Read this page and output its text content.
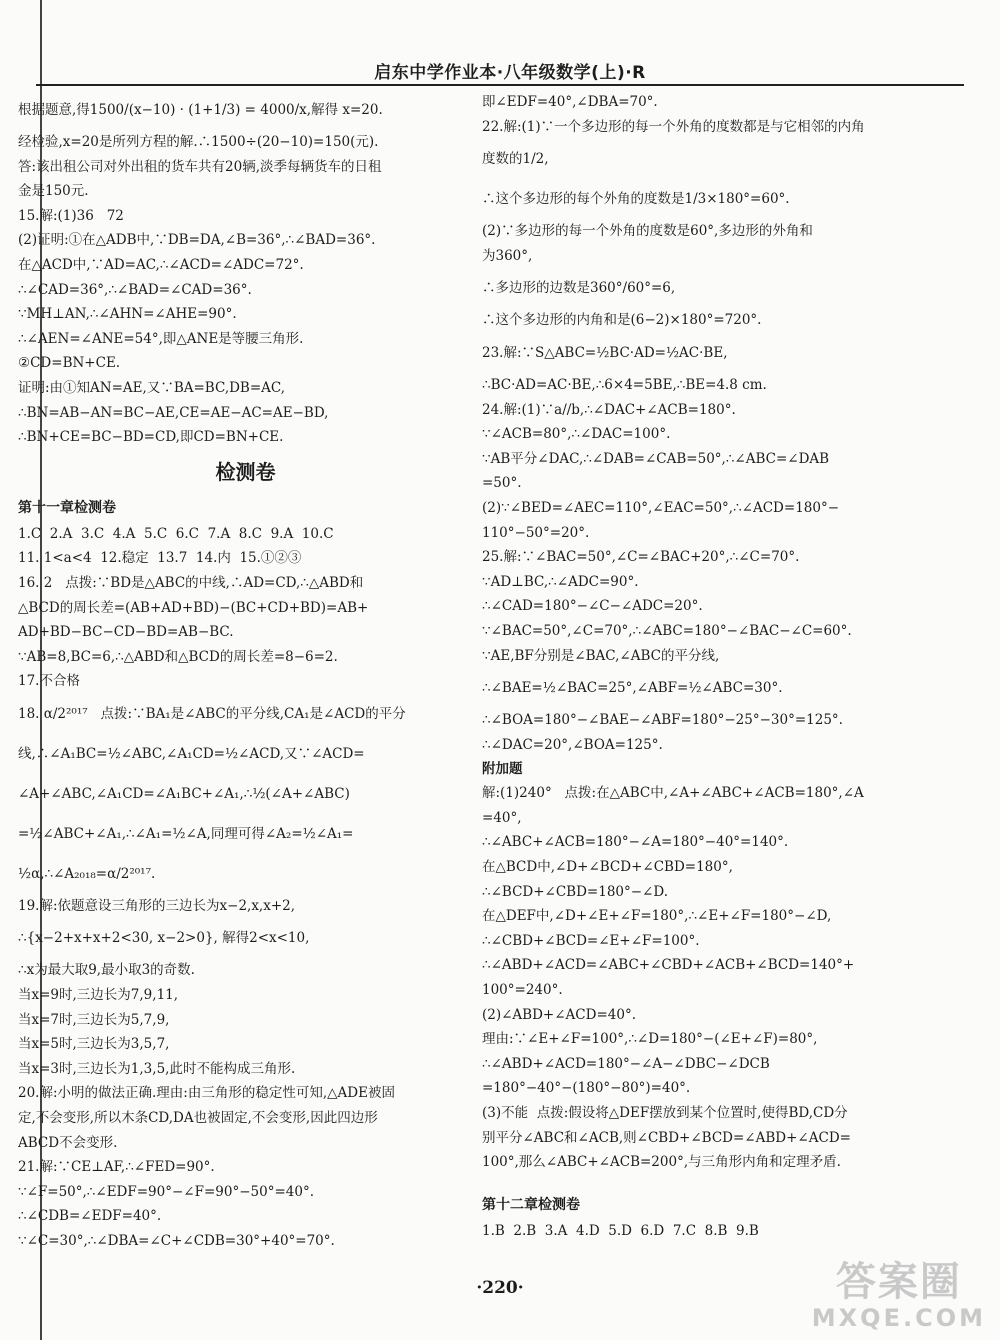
启东中学作业本·八年级数学(上)·R

根据题意,得1500/(x−10) · (1+1/3) = 4000/x,解得 x=20.

经检验,x=20是所列方程的解.∴1500÷(20−10)=150(元).

答:该出租公司对外出租的货车共有20辆,淡季每辆货车的日租

金是150元.

15.解:(1)36   72

(2)证明:①在△ADB中,∵DB=DA,∠B=36°,∴∠BAD=36°.

在△ACD中,∵AD=AC,∴∠ACD=∠ADC=72°.

∴∠CAD=36°,∴∠BAD=∠CAD=36°.

∵MH⊥AN,∴∠AHN=∠AHE=90°.

∴∠AEN=∠ANE=54°,即△ANE是等腰三角形.

②CD=BN+CE.

证明:由①知AN=AE,又∵BA=BC,DB=AC,

∴BN=AB−AN=BC−AE,CE=AE−AC=AE−BD,

∴BN+CE=BC−BD=CD,即CD=BN+CE.

检测卷

第十一章检测卷

1.C  2.A  3.C  4.A  5.C  6.C  7.A  8.C  9.A  10.C

11. 1<a<4  12.稳定  13.7  14.内  15.①②③

16. 2   点拨:∵BD是△ABC的中线,∴AD=CD,∴△ABD和

△BCD的周长差=(AB+AD+BD)−(BC+CD+BD)=AB+

AD+BD−BC−CD−BD=AB−BC.

∵AB=8,BC=6,∴△ABD和△BCD的周长差=8−6=2.

17.不合格

18. α/2²⁰¹⁷   点拨:∵BA₁是∠ABC的平分线,CA₁是∠ACD的平分

线,∴∠A₁BC=½∠ABC,∠A₁CD=½∠ACD,又∵∠ACD=

∠A+∠ABC,∠A₁CD=∠A₁BC+∠A₁,∴½(∠A+∠ABC)

=½∠ABC+∠A₁,∴∠A₁=½∠A,同理可得∠A₂=½∠A₁=

½α,∴∠A₂₀₁₈=α/2²⁰¹⁷.

19.解:依题意设三角形的三边长为x−2,x,x+2,

∴{x−2+x+x+2<30, x−2>0}, 解得2<x<10,

∴x为最大取9,最小取3的奇数.

当x=9时,三边长为7,9,11,

当x=7时,三边长为5,7,9,

当x=5时,三边长为3,5,7,

当x=3时,三边长为1,3,5,此时不能构成三角形.

20.解:小明的做法正确.理由:由三角形的稳定性可知,△ADE被固

定,不会变形,所以木条CD,DA也被固定,不会变形,因此四边形

ABCD不会变形.

21.解:∵CE⊥AF,∴∠FED=90°.

∵∠F=50°,∴∠EDF=90°−∠F=90°−50°=40°.

∴∠CDB=∠EDF=40°.

∵∠C=30°,∴∠DBA=∠C+∠CDB=30°+40°=70°.

即∠EDF=40°,∠DBA=70°.

22.解:(1)∵一个多边形的每一个外角的度数都是与它相邻的内角

度数的1/2,

∴这个多边形的每个外角的度数是1/3×180°=60°.

(2)∵多边形的每一个外角的度数是60°,多边形的外角和

为360°,

∴多边形的边数是360°/60°=6,

∴这个多边形的内角和是(6−2)×180°=720°.

23.解:∵S△ABC=½BC·AD=½AC·BE,

∴BC·AD=AC·BE,∴6×4=5BE,∴BE=4.8 cm.

24.解:(1)∵a//b,∴∠DAC+∠ACB=180°.

∵∠ACB=80°,∴∠DAC=100°.

∵AB平分∠DAC,∴∠DAB=∠CAB=50°,∴∠ABC=∠DAB

=50°.

(2)∵∠BED=∠AEC=110°,∠EAC=50°,∴∠ACD=180°−

110°−50°=20°.

25.解:∵∠BAC=50°,∠C=∠BAC+20°,∴∠C=70°.

∵AD⊥BC,∴∠ADC=90°.

∴∠CAD=180°−∠C−∠ADC=20°.

∵∠BAC=50°,∠C=70°,∴∠ABC=180°−∠BAC−∠C=60°.

∵AE,BF分别是∠BAC,∠ABC的平分线,

∴∠BAE=½∠BAC=25°,∠ABF=½∠ABC=30°.

∴∠BOA=180°−∠BAE−∠ABF=180°−25°−30°=125°.

∴∠DAC=20°,∠BOA=125°.

附加题

解:(1)240°   点拨:在△ABC中,∠A+∠ABC+∠ACB=180°,∠A

=40°,

∴∠ABC+∠ACB=180°−∠A=180°−40°=140°.

在△BCD中,∠D+∠BCD+∠CBD=180°,

∴∠BCD+∠CBD=180°−∠D.

在△DEF中,∠D+∠E+∠F=180°,∴∠E+∠F=180°−∠D,

∴∠CBD+∠BCD=∠E+∠F=100°.

∴∠ABD+∠ACD=∠ABC+∠CBD+∠ACB+∠BCD=140°+

100°=240°.

(2)∠ABD+∠ACD=40°.

理由:∵∠E+∠F=100°,∴∠D=180°−(∠E+∠F)=80°,

∴∠ABD+∠ACD=180°−∠A−∠DBC−∠DCB

=180°−40°−(180°−80°)=40°.

(3)不能  点拨:假设将△DEF摆放到某个位置时,使得BD,CD分

别平分∠ABC和∠ACB,则∠CBD+∠BCD=∠ABD+∠ACD=

100°,那么∠ABC+∠ACB=200°,与三角形内角和定理矛盾.

第十二章检测卷

1.B  2.B  3.A  4.D  5.D  6.D  7.C  8.B  9.B

·220·	答案圈
MXQE.COM
